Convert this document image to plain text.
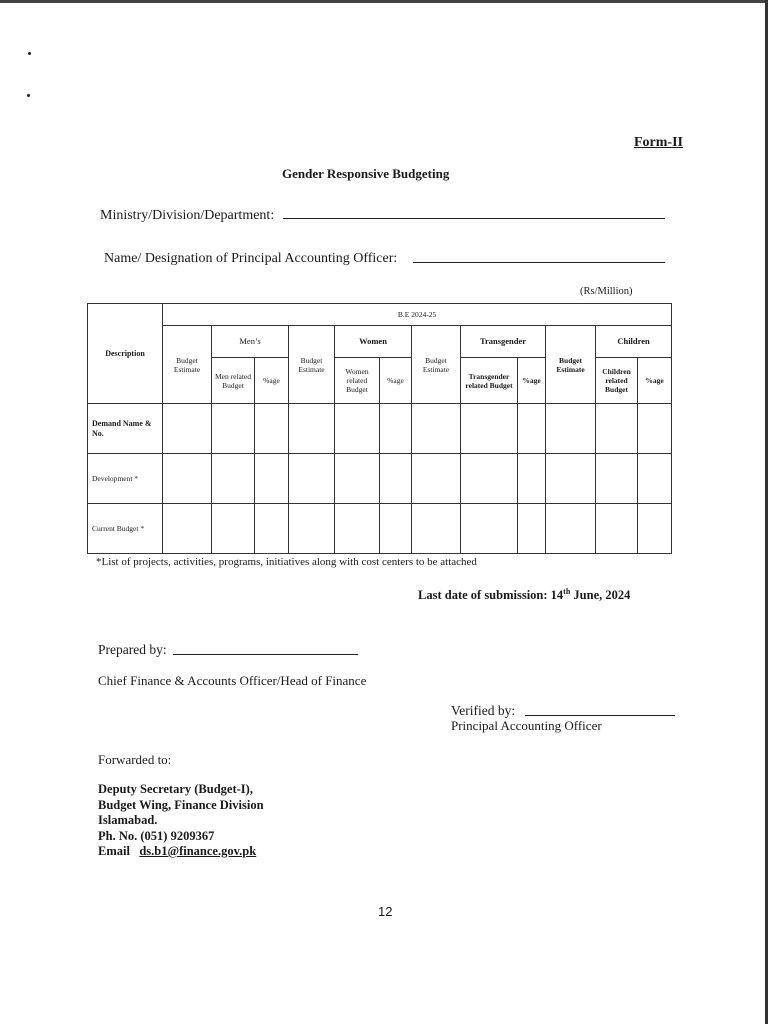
Form-II
Gender Responsive Budgeting
Ministry/Division/Department:
Name/ Designation of Principal Accounting Officer:
(Rs/Million)
Description	B.E 2024-25											
	Budget Estimate	Men’s		Budget Estimate	Women		Budget Estimate	Transgender		Budget Estimate	Children	
		Men related Budget	%age		Women related Budget	%age		Transgender related Budget	%age		Children related Budget	%age
Demand Name & No.												
Development *												
Current Budget *												
*List of projects, activities, programs, initiatives along with cost centers to be attached
Last date of submission: 14th June, 2024
Prepared by:
Chief Finance & Accounts Officer/Head of Finance
Verified by:
Principal Accounting Officer
Forwarded to:
Deputy Secretary (Budget-I),
Budget Wing, Finance Division
Islamabad.
Ph. No. (051) 9209367
Email ds.b1@finance.gov.pk
12
